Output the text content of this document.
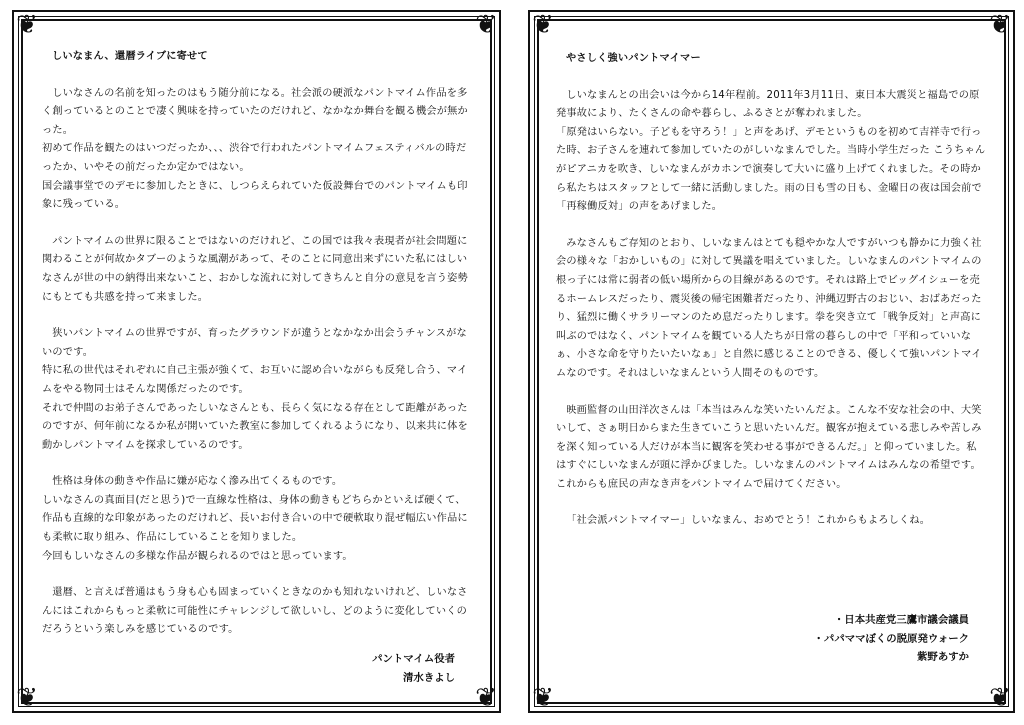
❦	❦
❦	❦
しいなまん、還暦ライブに寄せて

しいなさんの名前を知ったのはもう随分前になる。社会派の硬派なパントマイム作品を多く創っているとのことで凄く興味を持っていたのだけれど、なかなか舞台を観る機会が無かった。
初めて作品を観たのはいつだったか、、、渋谷で行われたパントマイムフェスティバルの時だったか、いやその前だったか定かではない。
国会議事堂でのデモに参加したときに、しつらえられていた仮設舞台でのパントマイムも印象に残っている。

パントマイムの世界に限ることではないのだけれど、この国では我々表現者が社会問題に関わることが何故かタブーのような風潮があって、そのことに同意出来ずにいた私にはしいなさんが世の中の納得出来ないこと、おかしな流れに対してきちんと自分の意見を言う姿勢にもとても共感を持って来ました。

狭いパントマイムの世界ですが、育ったグラウンドが違うとなかなか出会うチャンスがないのです。
特に私の世代はそれぞれに自己主張が強くて、お互いに認め合いながらも反発し合う、マイムをやる物同士はそんな関係だったのです。
それで仲間のお弟子さんであったしいなさんとも、長らく気になる存在として距離があったのですが、何年前になるか私が開いていた教室に参加してくれるようになり、以来共に体を動かしパントマイムを探求しているのです。

性格は身体の動きや作品に嫌が応なく滲み出てくるものです。
しいなさんの真面目(だと思う)で一直線な性格は、身体の動きもどちらかといえば硬くて、作品も直線的な印象があったのだけれど、長いお付き合いの中で硬軟取り混ぜ幅広い作品にも柔軟に取り組み、作品にしていることを知りました。
今回もしいなさんの多様な作品が観られるのではと思っています。

還暦、と言えば普通はもう身も心も固まっていくときなのかも知れないけれど、しいなさんにはこれからもっと柔軟に可能性にチャレンジして欲しいし、どのように変化していくのだろうという楽しみを感じているのです。

パントマイム役者
清水きよし
❦	❦
❦	❦
やさしく強いパントマイマー

しいなまんとの出会いは今から14年程前。2011年3月11日、東日本大震災と福島での原発事故により、たくさんの命や暮らし、ふるさとが奪われました。
「原発はいらない。子どもを守ろう！」と声をあげ、デモというものを初めて吉祥寺で行った時、お子さんを連れて参加していたのがしいなまんでした。当時小学生だった こうちゃんがピアニカを吹き、しいなまんがカホンで演奏して大いに盛り上げてくれました。その時から私たちはスタッフとして一緒に活動しました。雨の日も雪の日も、金曜日の夜は国会前で「再稼働反対」の声をあげました。

みなさんもご存知のとおり、しいなまんはとても穏やかな人ですがいつも静かに力強く社会の様々な「おかしいもの」に対して異議を唱えていました。しいなまんのパントマイムの根っ子には常に弱者の低い場所からの目線があるのです。それは路上でビッグイシューを売るホームレスだったり、震災後の帰宅困難者だったり、沖縄辺野古のおじい、おばあだったり、猛烈に働くサラリーマンのため息だったりします。拳を突き立て「戦争反対」と声高に叫ぶのではなく、パントマイムを観ている人たちが日常の暮らしの中で「平和っていいなぁ、小さな命を守りたいたいなぁ」と自然に感じることのできる、優しくて強いパントマイムなのです。それはしいなまんという人間そのものです。

映画監督の山田洋次さんは「本当はみんな笑いたいんだよ。こんな不安な社会の中、大笑いして、さぁ明日からまた生きていこうと思いたいんだ。観客が抱えている悲しみや苦しみを深く知っている人だけが本当に観客を笑わせる事ができるんだ。」と仰っていました。私はすぐにしいなまんが頭に浮かびました。しいなまんのパントマイムはみんなの希望です。これからも庶民の声なき声をパントマイムで届けてください。

「社会派パントマイマー」しいなまん、おめでとう！これからもよろしくね。

・日本共産党三鷹市議会議員
・パパママぼくの脱原発ウォーク
紫野あすか
